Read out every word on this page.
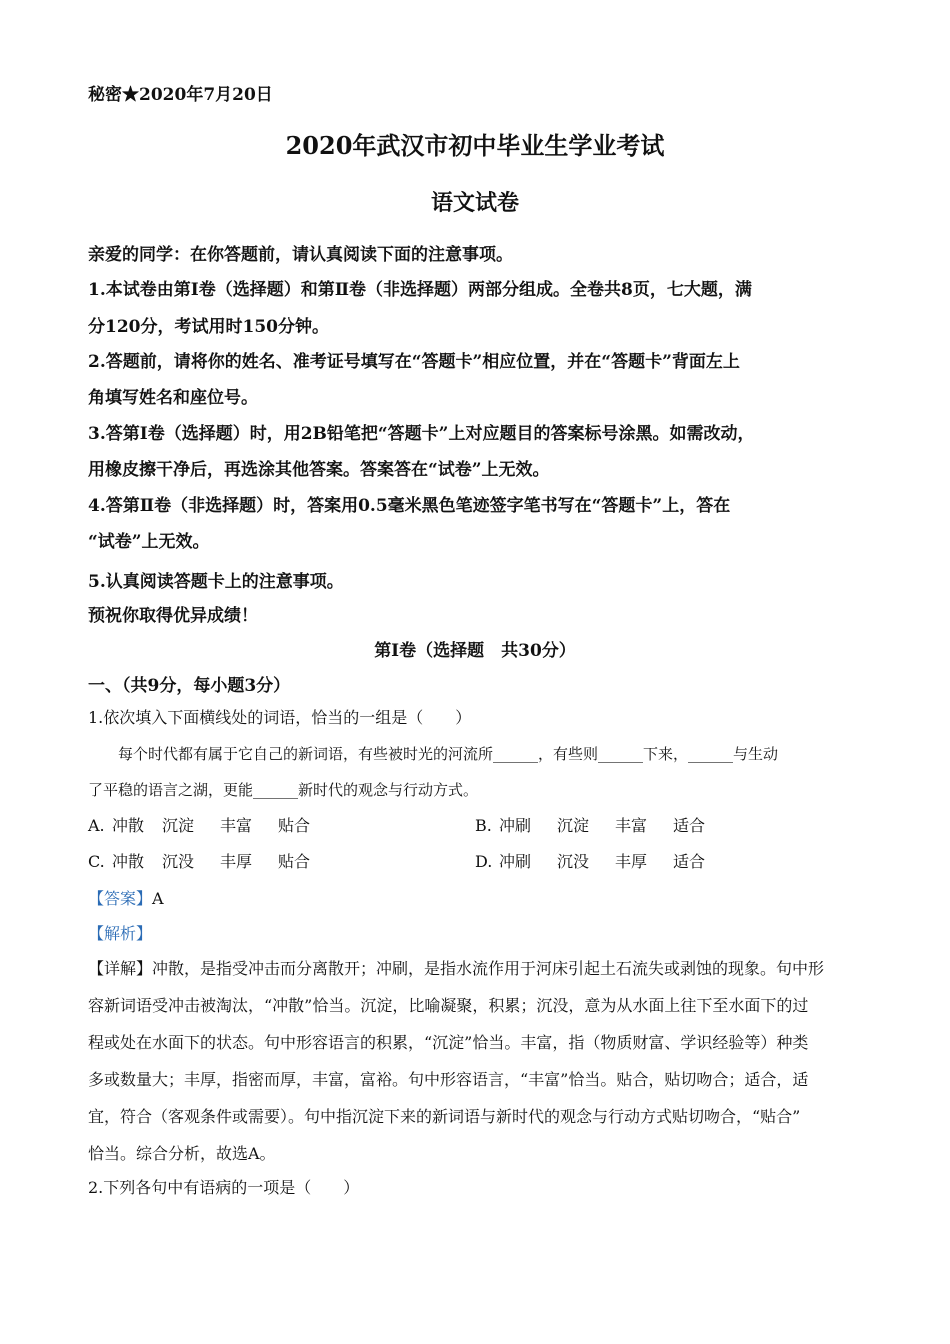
秘密★2020年7月20日
2020年武汉市初中毕业生学业考试
语文试卷
亲爱的同学：在你答题前，请认真阅读下面的注意事项。
1.本试卷由第Ⅰ卷（选择题）和第Ⅱ卷（非选择题）两部分组成。全卷共8页，七大题，满
分120分，考试用时150分钟。
2.答题前，请将你的姓名、准考证号填写在“答题卡”相应位置，并在“答题卡”背面左上
角填写姓名和座位号。
3.答第Ⅰ卷（选择题）时，用2B铅笔把“答题卡”上对应题目的答案标号涂黑。如需改动，
用橡皮擦干净后，再选涂其他答案。答案答在“试卷”上无效。
4.答第Ⅱ卷（非选择题）时，答案用0.5毫米黑色笔迹签字笔书写在“答题卡”上，答在
“试卷”上无效。
5.认真阅读答题卡上的注意事项。
预祝你取得优异成绩！
第Ⅰ卷（选择题　共30分）
一、（共9分，每小题3分）
1.依次填入下面横线处的词语，恰当的一组是（　　）
每个时代都有属于它自己的新词语，有些被时光的河流所______，有些则______下来，______与生动
了平稳的语言之湖，更能______新时代的观念与行动方式。
A. 冲散 沉淀 丰富 贴合	B. 冲刷 沉淀 丰富 适合
C. 冲散 沉没 丰厚 贴合	D. 冲刷 沉没 丰厚 适合
【答案】A
【解析】
【详解】冲散，是指受冲击而分离散开；冲刷，是指水流作用于河床引起土石流失或剥蚀的现象。句中形
容新词语受冲击被淘汰，“冲散”恰当。沉淀，比喻凝聚，积累；沉没，意为从水面上往下至水面下的过
程或处在水面下的状态。句中形容语言的积累，“沉淀”恰当。丰富，指（物质财富、学识经验等）种类
多或数量大；丰厚，指密而厚，丰富，富裕。句中形容语言，“丰富”恰当。贴合，贴切吻合；适合，适
宜，符合（客观条件或需要）。句中指沉淀下来的新词语与新时代的观念与行动方式贴切吻合，“贴合”
恰当。综合分析，故选A。
2.下列各句中有语病的一项是（　　）
